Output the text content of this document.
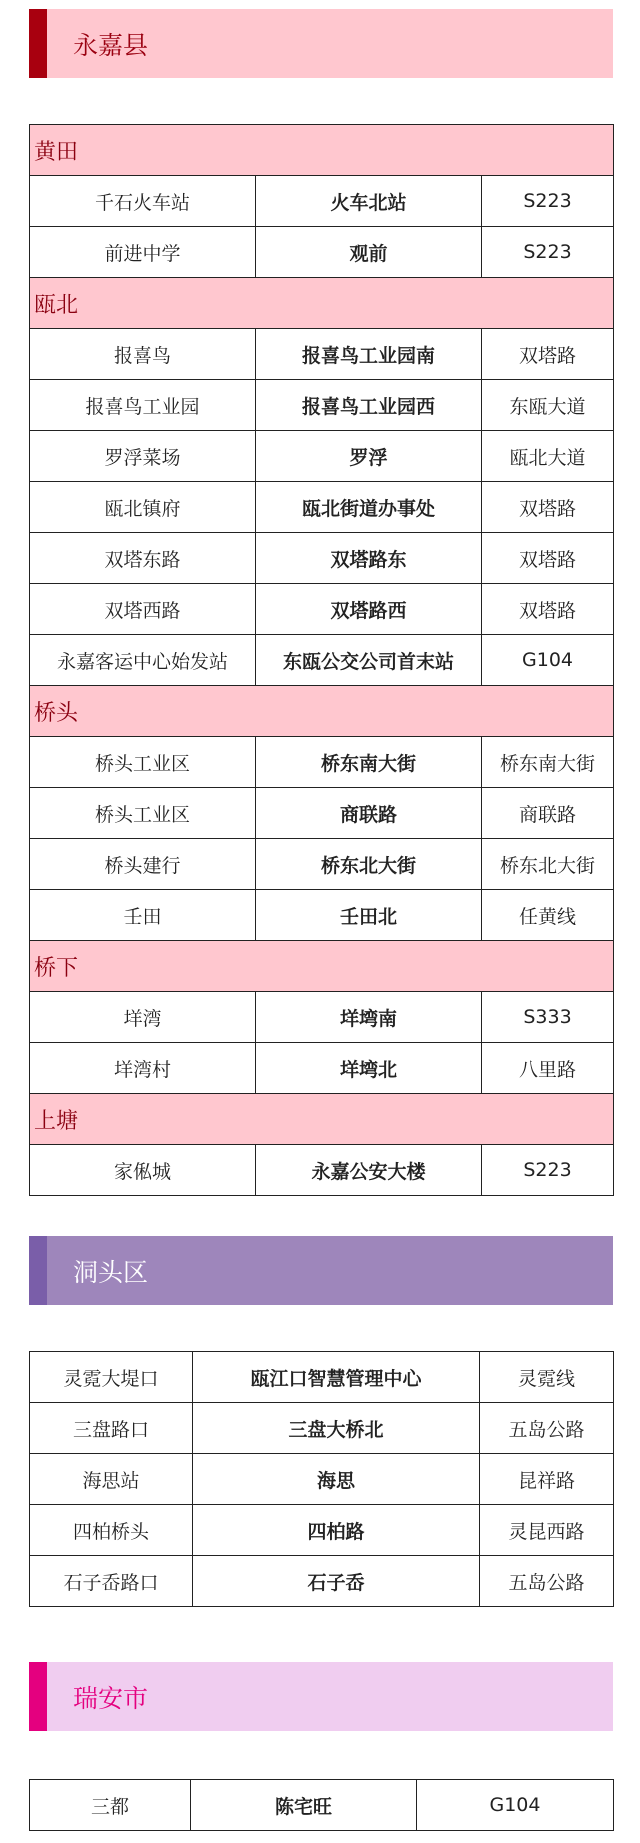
永嘉县
黄田		
千石火车站	火车北站	S223
前进中学	观前	S223
瓯北		
报喜鸟	报喜鸟工业园南	双塔路
报喜鸟工业园	报喜鸟工业园西	东瓯大道
罗浮菜场	罗浮	瓯北大道
瓯北镇府	瓯北街道办事处	双塔路
双塔东路	双塔路东	双塔路
双塔西路	双塔路西	双塔路
永嘉客运中心始发站	东瓯公交公司首末站	G104
桥头		
桥头工业区	桥东南大街	桥东南大街
桥头工业区	商联路	商联路
桥头建行	桥东北大街	桥东北大街
壬田	壬田北	任黄线
桥下		
垟湾	垟塆南	S333
垟湾村	垟塆北	八里路
上塘		
家俬城	永嘉公安大楼	S223
洞头区
灵霓大堤口	瓯江口智慧管理中心	灵霓线
三盘路口	三盘大桥北	五岛公路
海思站	海思	昆祥路
四柏桥头	四柏路	灵昆西路
石子岙路口	石子岙	五岛公路
瑞安市
三都	陈宅旺	G104
